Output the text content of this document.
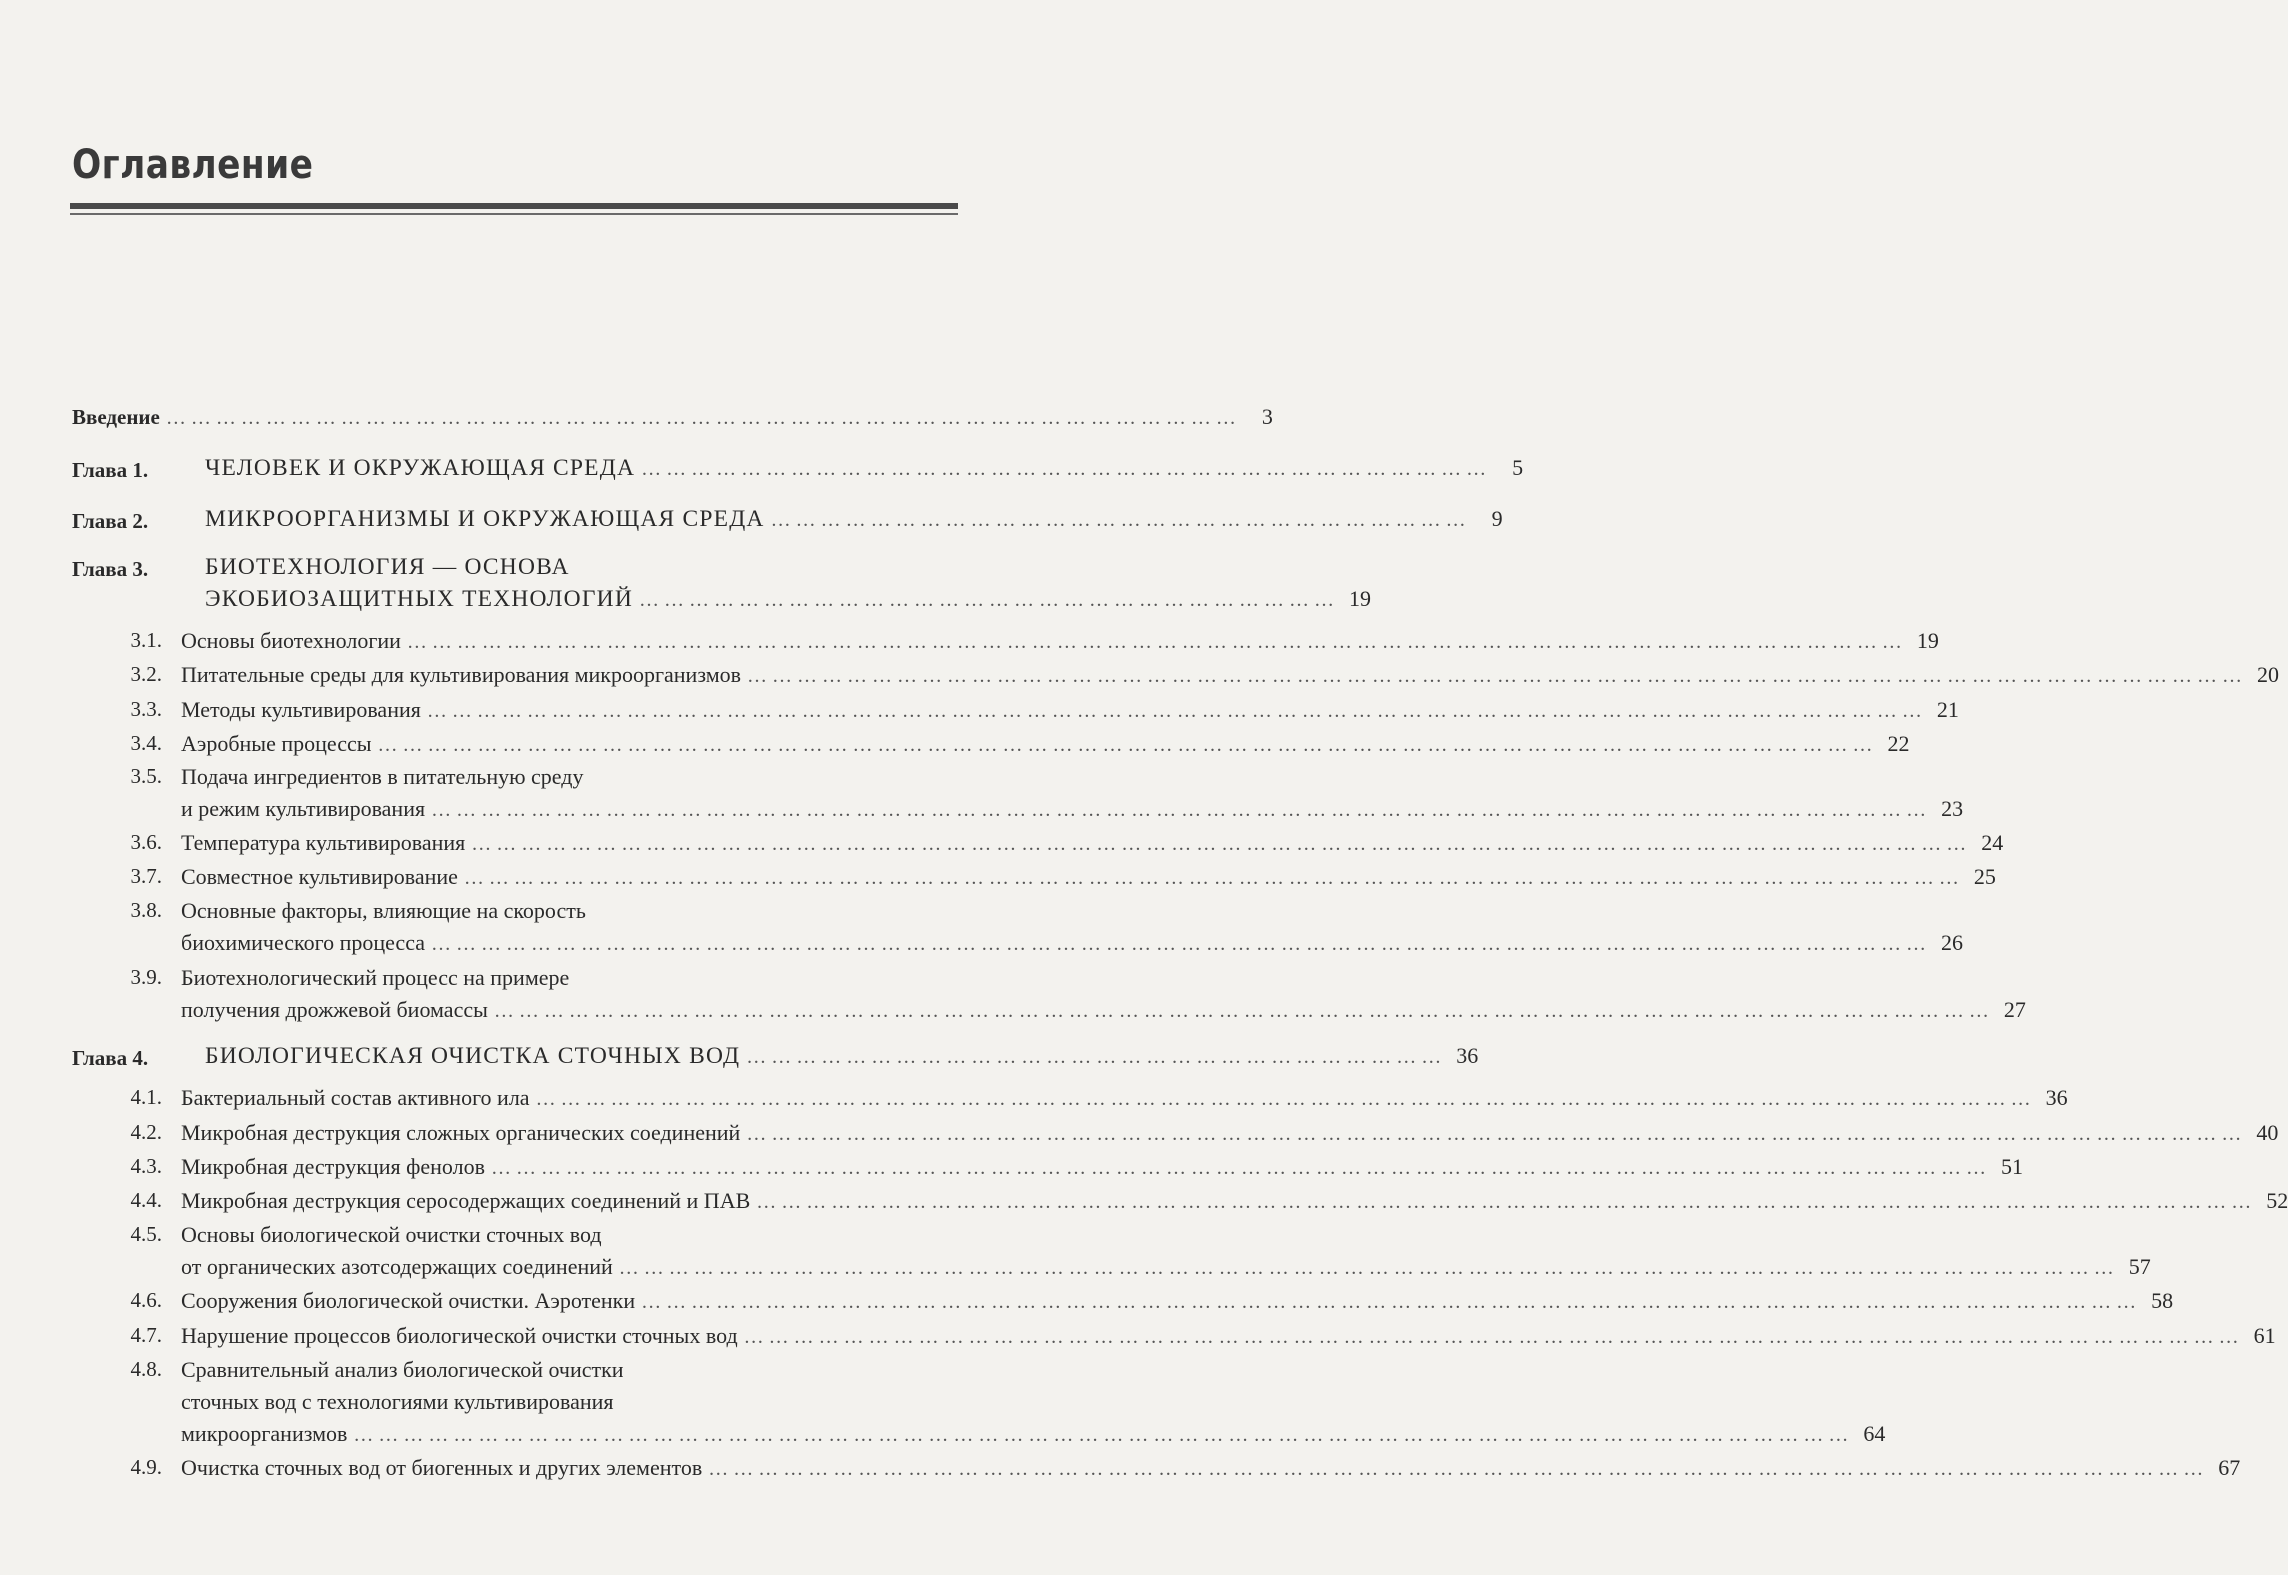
Оглавление
Введение ………………………………………………………………………………………………………………… 3
Глава 1. ЧЕЛОВЕК И ОКРУЖАЮЩАЯ СРЕДА ………………………………………………………………………………………… 5
Глава 2. МИКРООРГАНИЗМЫ И ОКРУЖАЮЩАЯ СРЕДА ………………………………………………………………………… 9
Глава 3. БИОТЕХНОЛОГИЯ — ОСНОВА
ЭКОБИОЗАЩИТНЫХ ТЕХНОЛОГИЙ ………………………………………………………………………… 19
3.1. Основы биотехнологии ……………………………………………………………………………………………………………………………………………………………… 19
3.2. Питательные среды для культивирования микроорганизмов ……………………………………………………………………………………………………………………………………………………………… 20
3.3. Методы культивирования ……………………………………………………………………………………………………………………………………………………………… 21
3.4. Аэробные процессы ……………………………………………………………………………………………………………………………………………………………… 22
3.5. Подача ингредиентов в питательную среду
и режим культивирования ……………………………………………………………………………………………………………………………………………………………… 23
3.6. Температура культивирования ……………………………………………………………………………………………………………………………………………………………… 24
3.7. Совместное культивирование ……………………………………………………………………………………………………………………………………………………………… 25
3.8. Основные факторы, влияющие на скорость
биохимического процесса ……………………………………………………………………………………………………………………………………………………………… 26
3.9. Биотехнологический процесс на примере
получения дрожжевой биомассы ……………………………………………………………………………………………………………………………………………………………… 27
Глава 4. БИОЛОГИЧЕСКАЯ ОЧИСТКА СТОЧНЫХ ВОД ………………………………………………………………………… 36
4.1. Бактериальный состав активного ила ……………………………………………………………………………………………………………………………………………………………… 36
4.2. Микробная деструкция сложных органических соединений ……………………………………………………………………………………………………………………………………………………………… 40
4.3. Микробная деструкция фенолов ……………………………………………………………………………………………………………………………………………………………… 51
4.4. Микробная деструкция серосодержащих соединений и ПАВ ……………………………………………………………………………………………………………………………………………………………… 52
4.5. Основы биологической очистки сточных вод
от органических азотсодержащих соединений ……………………………………………………………………………………………………………………………………………………………… 57
4.6. Сооружения биологической очистки. Аэротенки ……………………………………………………………………………………………………………………………………………………………… 58
4.7. Нарушение процессов биологической очистки сточных вод ……………………………………………………………………………………………………………………………………………………………… 61
4.8. Сравнительный анализ биологической очистки
сточных вод с технологиями культивирования
микроорганизмов ……………………………………………………………………………………………………………………………………………………………… 64
4.9. Очистка сточных вод от биогенных и других элементов ……………………………………………………………………………………………………………………………………………………………… 67
